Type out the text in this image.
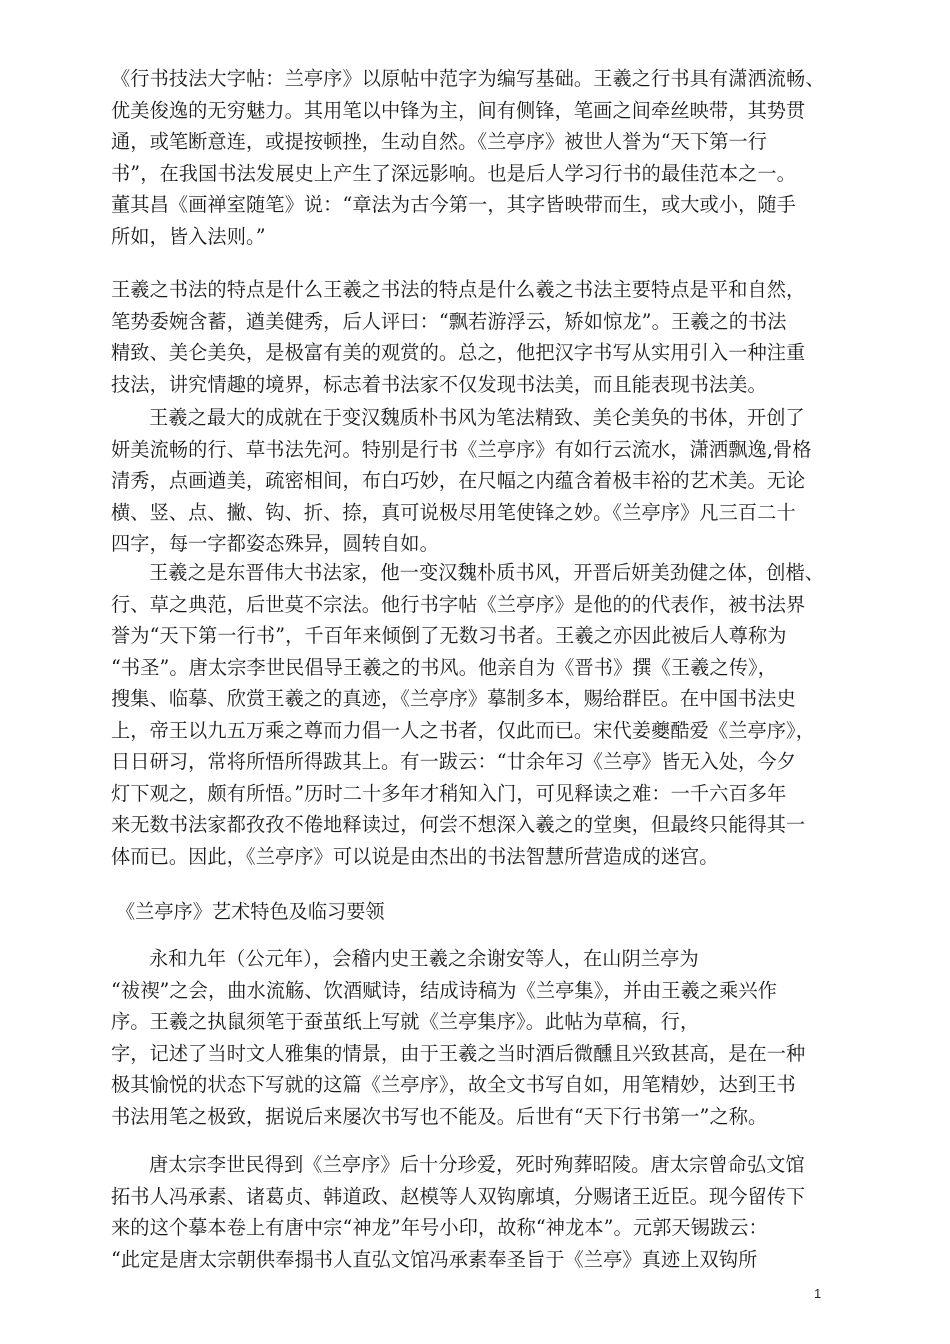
《行书技法大字帖：兰亭序》以原帖中范字为编写基础。王羲之行书具有潇洒流畅、
优美俊逸的无穷魅力。其用笔以中锋为主，间有侧锋，笔画之间牵丝映带，其势贯
通，或笔断意连，或提按顿挫，生动自然。《兰亭序》被世人誉为“天下第一行
书”，在我国书法发展史上产生了深远影响。也是后人学习行书的最佳范本之一。
董其昌《画禅室随笔》说：“章法为古今第一，其字皆映带而生，或大或小，随手
所如，皆入法则。”
王羲之书法的特点是什么王羲之书法的特点是什么羲之书法主要特点是平和自然，
笔势委婉含蓄，遒美健秀，后人评曰：“飘若游浮云，矫如惊龙”。王羲之的书法
精致、美仑美奂，是极富有美的观赏的。总之，他把汉字书写从实用引入一种注重
技法，讲究情趣的境界，标志着书法家不仅发现书法美，而且能表现书法美。
王羲之最大的成就在于变汉魏质朴书风为笔法精致、美仑美奂的书体，开创了
妍美流畅的行、草书法先河。特别是行书《兰亭序》有如行云流水，潇洒飘逸,骨格
清秀，点画遒美，疏密相间，布白巧妙，在尺幅之内蕴含着极丰裕的艺术美。无论
横、竖、点、撇、钩、折、捺，真可说极尽用笔使锋之妙。《兰亭序》凡三百二十
四字，每一字都姿态殊异，圆转自如。
王羲之是东晋伟大书法家，他一变汉魏朴质书风，开晋后妍美劲健之体，创楷、
行、草之典范，后世莫不宗法。他行书字帖《兰亭序》是他的的代表作，被书法界
誉为“天下第一行书”，千百年来倾倒了无数习书者。王羲之亦因此被后人尊称为
“书圣”。唐太宗李世民倡导王羲之的书风。他亲自为《晋书》撰《王羲之传》，
搜集、临摹、欣赏王羲之的真迹，《兰亭序》摹制多本，赐给群臣。在中国书法史
上，帝王以九五万乘之尊而力倡一人之书者，仅此而已。宋代姜夔酷爱《兰亭序》，
日日研习，常将所悟所得跋其上。有一跋云：“廿余年习《兰亭》皆无入处，今夕
灯下观之，颇有所悟。”历时二十多年才稍知入门，可见释读之难：一千六百多年
来无数书法家都孜孜不倦地释读过，何尝不想深入羲之的堂奥，但最终只能得其一
体而已。因此，《兰亭序》可以说是由杰出的书法智慧所营造成的迷宫。
《兰亭序》艺术特色及临习要领
永和九年（公元年），会稽内史王羲之余谢安等人，在山阴兰亭为
“祓禊”之会，曲水流觞、饮酒赋诗，结成诗稿为《兰亭集》，并由王羲之乘兴作
序。王羲之执鼠须笔于蚕茧纸上写就《兰亭集序》。此帖为草稿，行，
字，记述了当时文人雅集的情景，由于王羲之当时酒后微醺且兴致甚高，是在一种
极其愉悦的状态下写就的这篇《兰亭序》，故全文书写自如，用笔精妙，达到王书
书法用笔之极致，据说后来屡次书写也不能及。后世有“天下行书第一”之称。
唐太宗李世民得到《兰亭序》后十分珍爱，死时殉葬昭陵。唐太宗曾命弘文馆
拓书人冯承素、诸葛贞、韩道政、赵模等人双钩廓填，分赐诸王近臣。现今留传下
来的这个摹本卷上有唐中宗“神龙”年号小印，故称“神龙本”。元郭天锡跋云：
“此定是唐太宗朝供奉搨书人直弘文馆冯承素奉圣旨于《兰亭》真迹上双钩所
1
